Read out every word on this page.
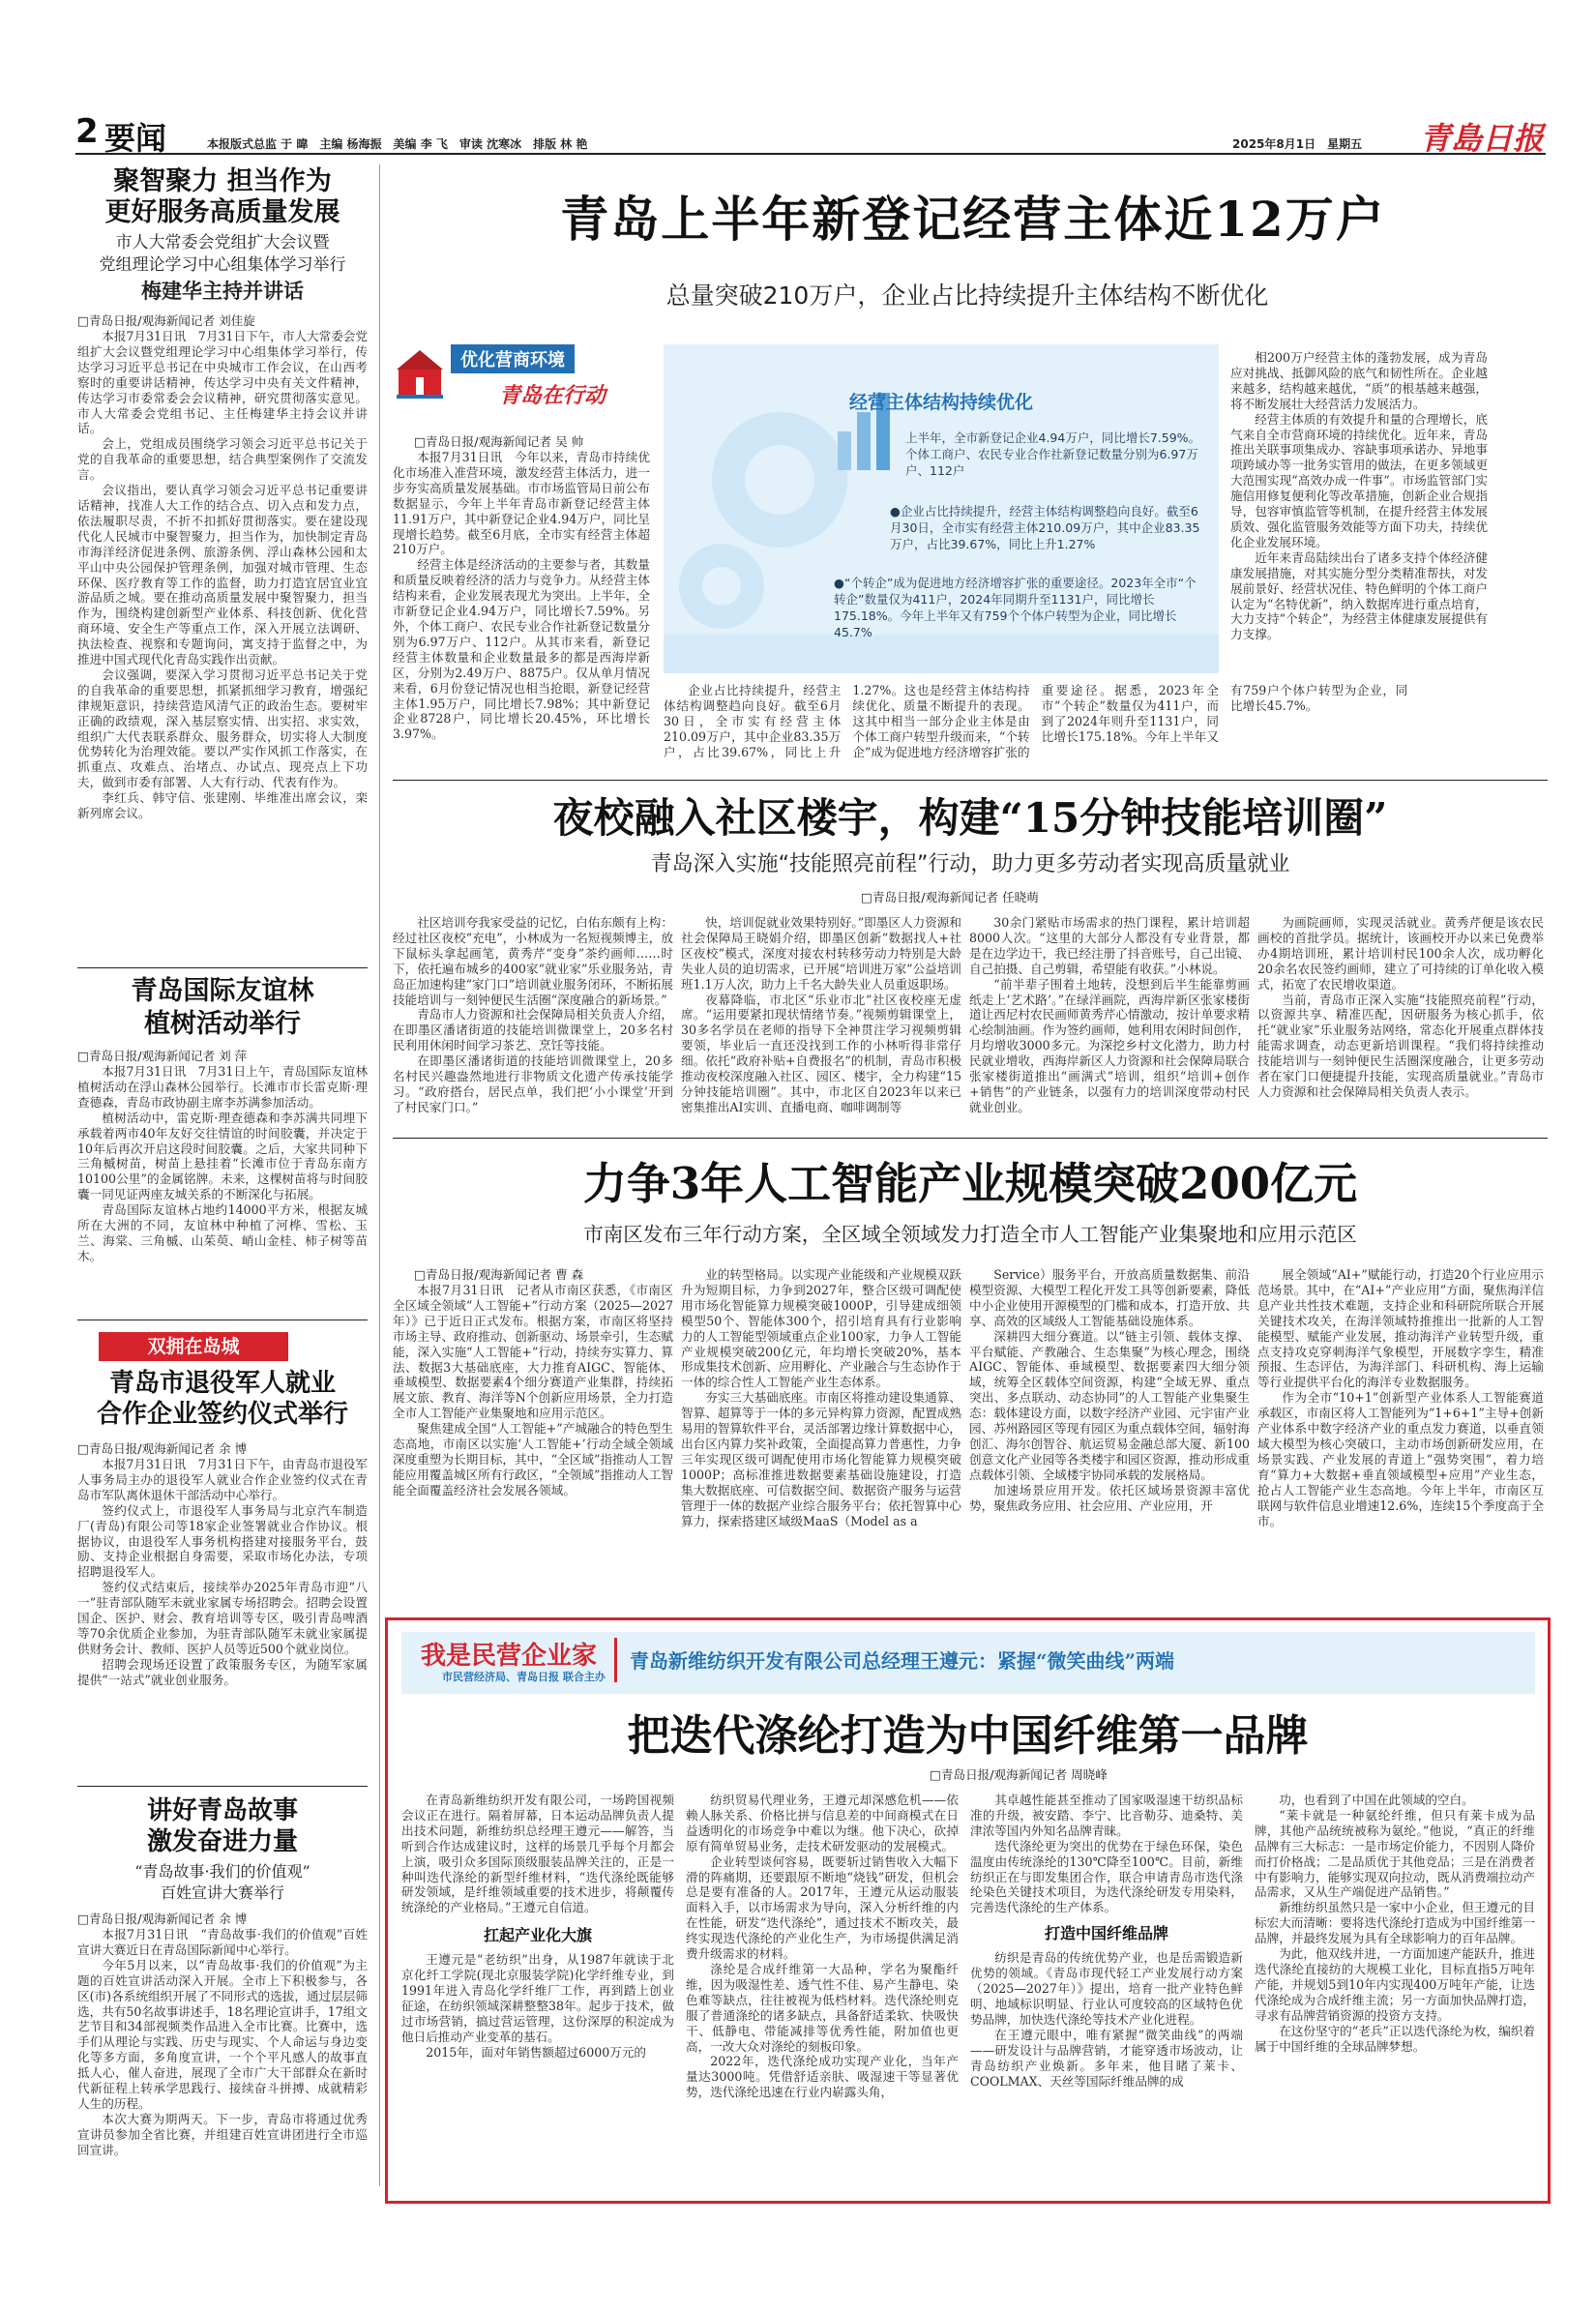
2 要闻	本报版式总监 于 暐　主编 杨海振　美编 李 飞　审读 沈寒冰　排版 林 艳	2025年8月1日　星期五 青島日报
聚智聚力 担当作为
更好服务高质量发展
市人大常委会党组扩大会议暨
党组理论学习中心组集体学习举行
梅建华主持并讲话
□青岛日报/观海新闻记者 刘佳旋

本报7月31日讯　7月31日下午，市人大常委会党组扩大会议暨党组理论学习中心组集体学习举行，传达学习习近平总书记在中央城市工作会议，在山西考察时的重要讲话精神，传达学习中央有关文件精神，传达学习市委常委会会议精神，研究贯彻落实意见。市人大常委会党组书记、主任梅建华主持会议并讲话。

会上，党组成员围绕学习领会习近平总书记关于党的自我革命的重要思想，结合典型案例作了交流发言。

会议指出，要认真学习领会习近平总书记重要讲话精神，找准人大工作的结合点、切入点和发力点，依法履职尽责，不折不扣抓好贯彻落实。要在建设现代化人民城市中聚智聚力，担当作为，加快制定青岛市海洋经济促进条例、旅游条例、浮山森林公园和太平山中央公园保护管理条例，加强对城市管理、生态环保、医疗教育等工作的监督，助力打造宜居宜业宜游品质之城。要在推动高质量发展中聚智聚力，担当作为，围绕构建创新型产业体系、科技创新、优化营商环境、安全生产等重点工作，深入开展立法调研、执法检查、视察和专题询问，寓支持于监督之中，为推进中国式现代化青岛实践作出贡献。

会议强调，要深入学习贯彻习近平总书记关于党的自我革命的重要思想，抓紧抓细学习教育，增强纪律规矩意识，持续营造风清气正的政治生态。要树牢正确的政绩观，深入基层察实情、出实招、求实效，组织广大代表联系群众、服务群众，切实将人大制度优势转化为治理效能。要以严实作风抓工作落实，在抓重点、攻难点、治堵点、办试点、现亮点上下功夫，做到市委有部署、人大有行动、代表有作为。

李红兵、韩守信、张建刚、毕维准出席会议，栾新列席会议。

青岛国际友谊林
植树活动举行
□青岛日报/观海新闻记者 刘 萍

本报7月31日讯　7月31日上午，青岛国际友谊林植树活动在浮山森林公园举行。长滩市市长雷克斯·理查德森，青岛市政协副主席李苏满参加活动。

植树活动中，雷克斯·理查德森和李苏满共同埋下承载着两市40年友好交往情谊的时间胶囊，并决定于10年后再次开启这段时间胶囊。之后，大家共同种下三角槭树苗，树苗上悬挂着“长滩市位于青岛东南方10100公里”的金属铭牌。未来，这棵树苗将与时间胶囊一同见证两座友城关系的不断深化与拓展。

青岛国际友谊林占地约14000平方米，根据友城所在大洲的不同，友谊林中种植了河桦、雪松、玉兰、海棠、三角槭、山茱萸、峭山金桂、柿子树等苗木。

双拥在岛城
青岛市退役军人就业
合作企业签约仪式举行
□青岛日报/观海新闻记者 余 博

本报7月31日讯　7月31日下午，由青岛市退役军人事务局主办的退役军人就业合作企业签约仪式在青岛市军队离休退休干部活动中心举行。

签约仪式上，市退役军人事务局与北京汽车制造厂(青岛)有限公司等18家企业签署就业合作协议。根据协议，由退役军人事务机构搭建对接服务平台，鼓励、支持企业根据自身需要，采取市场化办法，专项招聘退役军人。

签约仪式结束后，接续举办2025年青岛市迎“八一”驻青部队随军未就业家属专场招聘会。招聘会设置国企、医护、财会、教育培训等专区，吸引青岛啤酒等70余优质企业参加，为驻青部队随军未就业家属提供财务会计、教师、医护人员等近500个就业岗位。

招聘会现场还设置了政策服务专区，为随军家属提供“一站式”就业创业服务。

讲好青岛故事
激发奋进力量
“青岛故事·我们的价值观”
百姓宣讲大赛举行
□青岛日报/观海新闻记者 余 博

本报7月31日讯　“青岛故事·我们的价值观”百姓宣讲大赛近日在青岛国际新闻中心举行。

今年5月以来，以“青岛故事·我们的价值观”为主题的百姓宣讲活动深入开展。全市上下积极参与，各区(市)各系统组织开展了不同形式的选拔，通过层层筛选，共有50名故事讲述手，18名理论宣讲手，17组文艺节目和34部视频类作品进入全市比赛。比赛中，选手们从理论与实践、历史与现实、个人命运与身边变化等多方面，多角度宣讲，一个个平凡感人的故事直抵人心，催人奋进，展现了全市广大干部群众在新时代新征程上转承学思践行、接续奋斗拼搏、成就精彩人生的历程。

本次大赛为期两天。下一步，青岛市将通过优秀宣讲员参加全省比赛，并组建百姓宣讲团进行全市巡回宣讲。

青岛上半年新登记经营主体近12万户
总量突破210万户，企业占比持续提升主体结构不断优化
优化营商环境
青岛在行动
□青岛日报/观海新闻记者 吴 帅

本报7月31日讯　今年以来，青岛市持续优化市场准入准营环境，激发经营主体活力，进一步夯实高质量发展基础。市市场监管局日前公布数据显示，今年上半年青岛市新登记经营主体11.91万户，其中新登记企业4.94万户，同比呈现增长趋势。截至6月底，全市实有经营主体超210万户。

经营主体是经济活动的主要参与者，其数量和质量反映着经济的活力与竞争力。从经营主体结构来看，企业发展表现尤为突出。上半年，全市新登记企业4.94万户，同比增长7.59%。另外，个体工商户、农民专业合作社新登记数量分别为6.97万户、112户。从其市来看，新登记经营主体数量和企业数量最多的都是西海岸新区，分别为2.49万户、8875户。仅从单月情况来看，6月份登记情况也相当抢眼，新登记经营主体1.95万户，同比增长7.98%；其中新登记企业8728户，同比增长20.45%，环比增长3.97%。

经营主体结构持续优化
上半年，全市新登记企业4.94万户，同比增长7.59%。个体工商户、农民专业合作社新登记数量分别为6.97万户、112户
●企业占比持续提升，经营主体结构调整趋向良好。截至6月30日，全市实有经营主体210.09万户，其中企业83.35万户，占比39.67%，同比上升1.27%
●“个转企”成为促进地方经济增容扩张的重要途径。2023年全市“个转企”数量仅为411户，2024年同期升至1131户，同比增长175.18%。今年上半年又有759个个体户转型为企业，同比增长45.7%

企业占比持续提升，经营主体结构调整趋向良好。截至6月30日，全市实有经营主体210.09万户，其中企业83.35万户，占比39.67%，同比上升1.27%。这也是经营主体结构持续优化、质量不断提升的表现。这其中相当一部分企业主体是由个体工商户转型升级而来，“个转企”成为促进地方经济增容扩张的重要途径。据悉，2023年全市“个转企”数量仅为411户，而到了2024年则升至1131户，同比增长175.18%。今年上半年又有759户个体户转型为企业，同比增长45.7%。

相200万户经营主体的蓬勃发展，成为青岛应对挑战、抵御风险的底气和韧性所在。企业越来越多，结构越来越优，“质”的根基越来越强，将不断发展壮大经营活力发展活力。

经营主体质的有效提升和量的合理增长，底气来自全市营商环境的持续优化。近年来，青岛推出关联事项集成办、容缺事项承诺办、异地事项跨域办等一批务实管用的做法，在更多领域更大范围实现“高效办成一件事”。市场监管部门实施信用修复便利化等改革措施，创新企业合规指导，包容审慎监管等机制，在提升经营主体发展质效、强化监管服务效能等方面下功夫，持续优化企业发展环境。

近年来青岛陆续出台了诸多支持个体经济健康发展措施，对其实施分型分类精准帮扶，对发展前景好、经营状况佳、特色鲜明的个体工商户认定为“名特优新”，纳入数据库进行重点培育，大力支持“个转企”，为经营主体健康发展提供有力支撑。

夜校融入社区楼宇，构建“15分钟技能培训圈”
青岛深入实施“技能照亮前程”行动，助力更多劳动者实现高质量就业
□青岛日报/观海新闻记者 任晓萌

社区培训夸我家受益的记忆，白佑东颇有上构：经过社区夜校“充电”，小林成为一名短视频博主，放下鼠标头拿起画笔，黄秀芹“变身”茶约画师……时下，依托遍布城乡的400家“就业家”乐业服务站，青岛正加速构建“家门口”培训就业服务闭环，不断拓展技能培训与一刻钟便民生活圈“深度融合的新场景。”

青岛市人力资源和社会保障局相关负责人介绍，在即墨区潘诸街道的技能培训微课堂上，20多名村民利用休闲时间学习茶艺、烹饪等技能。

在即墨区潘诸街道的技能培训微课堂上，20多名村民兴趣盎然地进行非物质文化遗产传承技能学习。“政府搭台，居民点单，我们把‘小小课堂’开到了村民家门口。”

快，培训促就业效果特别好。”即墨区人力资源和社会保障局王晓娟介绍，即墨区创新“数据找人+社区夜校”模式，深度对接农村转移劳动力特别是大龄失业人员的迫切需求，已开展“培训进万家”公益培训班1.1万人次，助力上千名大龄失业人员重返职场。

夜幕降临，市北区“乐业市北”社区夜校座无虚席。“运用要紧扣现状情绪节奏。”视频剪辑课堂上，30多名学员在老师的指导下全神贯注学习视频剪辑要领，毕业后一直还没找到工作的小林听得非常仔细。依托“政府补贴+自费报名”的机制，青岛市积极推动夜校深度融入社区、园区、楼宇，全力构建“15分钟技能培训圈”。其中，市北区自2023年以来已密集推出AI实训、直播电商、咖啡调制等

30余门紧贴市场需求的热门课程，累计培训超8000人次。“这里的大部分人都没有专业背景，都是在边学边干，我已经注册了抖音账号，自己出镜、自己拍摄、自己剪辑，希望能有收获。”小林说。

“前半辈子围着土地转，没想到后半生能靠剪画纸走上‘艺术路’。”在绿洋画院，西海岸新区张家楼街道让西尼村农民画师黄秀芹心情激动，按计单要求精心绘制油画。作为签约画师，她利用农闲时间创作，月均增收3000多元。为深挖乡村文化潜力，助力村民就业增收，西海岸新区人力资源和社会保障局联合张家楼街道推出“画满式”培训，组织“培训+创作+销售”的产业链条，以强有力的培训深度带动村民就业创业。

为画院画师，实现灵活就业。黄秀芹便是该农民画校的首批学员。据统计，该画校开办以来已免费举办4期培训班，累计培训村民100余人次，成功孵化20余名农民签约画师，建立了可持续的订单化收入模式，拓宽了农民增收渠道。

当前，青岛市正深入实施“技能照亮前程”行动，以资源共享、精准匹配，因研服务为核心抓手，依托“就业家”乐业服务站网络，常态化开展重点群体技能需求调查，动态更新培训课程。“我们将持续推动技能培训与一刻钟便民生活圈深度融合，让更多劳动者在家门口便捷提升技能，实现高质量就业。”青岛市人力资源和社会保障局相关负责人表示。

力争3年人工智能产业规模突破200亿元
市南区发布三年行动方案，全区域全领域发力打造全市人工智能产业集聚地和应用示范区
□青岛日报/观海新闻记者 曹 森

本报7月31日讯　记者从市南区获悉，《市南区全区域全领域“人工智能+”行动方案（2025—2027年）》已于近日正式发布。根据方案，市南区将坚持市场主导、政府推动、创新驱动、场景牵引，生态赋能，深入实施“人工智能+”行动，持续夯实算力、算法、数据3大基础底座，大力推育AIGC、智能体、垂域模型、数据要素4个细分赛道产业集群，持续拓展文旅、教育、海洋等N个创新应用场景，全力打造全市人工智能产业集聚地和应用示范区。

聚焦建成全国“人工智能+”产城融合的特色型生态高地，市南区以实施‘人工智能+’行动全域全领域深度重塑为长期目标，其中，“全区域”指推动人工智能应用覆盖城区所有行政区，“全领域”指推动人工智能全面覆盖经济社会发展各领域。

业的转型格局。以实现产业能级和产业规模双跃升为短期目标，力争到2027年，整合区级可调配使用市场化智能算力规模突破1000P，引导建成细领模型50个、智能体300个，招引培育具有行业影响力的人工智能型领域重点企业100家，力争人工智能产业规模突破200亿元，年均增长突破20%，基本形成集技术创新、应用孵化、产业融合与生态协作于一体的综合性人工智能产业生态体系。

夯实三大基础底座。市南区将推动建设集通算、智算、超算等于一体的多元异构算力资源，配置成熟易用的智算软件平台，灵活部署边缘计算数据中心，出台区内算力奖补政策，全面提高算力普惠性，力争三年实现区级可调配使用市场化智能算力规模突破1000P；高标准推进数据要素基础设施建设，打造集大数据底座、可信数据空间、数据资产服务与运营管理于一体的数据产业综合服务平台；依托智算中心算力，探索搭建区域级MaaS（Model as a

Service）服务平台，开放高质量数据集、前沿模型资源、大模型工程化开发工具等创新要素，降低中小企业使用开源模型的门槛和成本，打造开放、共享、高效的区域级人工智能基础设施体系。

深耕四大细分赛道。以“链主引领、载体支撑、平台赋能、产教融合、生态集聚”为核心理念，围绕AIGC、智能体、垂域模型、数据要素四大细分领域，统筹全区载体空间资源，构建“全域无界、重点突出、多点联动、动态协同”的人工智能产业集聚生态：载体建设方面，以数字经济产业园、元宇宙产业园、苏州路园区等现有园区为重点载体空间，辐射海创汇、海尔创智谷、航运贸易金融总部大厦、新100创意文化产业园等各类楼宇和园区资源，推动形成重点载体引领、全域楼宇协同承载的发展格局。

加速场景应用开发。依托区域场景资源丰富优势，聚焦政务应用、社会应用、产业应用，开

展全领域“AI+”赋能行动，打造20个行业应用示范场景。其中，在“AI+”产业应用”方面，聚焦海洋信息产业共性技术难题，支持企业和科研院所联合开展关键技术攻关，在海洋领域特推推出一批新的人工智能模型、赋能产业发展，推动海洋产业转型升级，重点支持攻克穿刺海洋气象模型，开展数字孪生，精准预报、生态评估，为海洋部门、科研机构、海上运输等行业提供平台化的海洋专业数据服务。

作为全市“10+1”创新型产业体系人工智能赛道承载区，市南区将人工智能列为“1+6+1”主导+创新产业体系中数字经济产业的重点发力赛道，以垂直领域大模型为核心突破口，主动市场创新研发应用，在场景实践、产业发展的青道上“强势突围”，着力培育“算力+大数据+垂直领域模型+应用”产业生态，抢占人工智能产业生态高地。今年上半年，市南区互联网与软件信息业增速12.6%，连续15个季度高于全市。

我是民营企业家
市民营经济局、青岛日报 联合主办
青岛新维纺织开发有限公司总经理王遵元：紧握“微笑曲线”两端
把迭代涤纶打造为中国纤维第一品牌
□青岛日报/观海新闻记者 周晓峰

在青岛新维纺织开发有限公司，一场跨国视频会议正在进行。隔着屏幕，日本运动品牌负责人提出技术问题，新维纺织总经理王遵元——解答，当听到合作达成建议时，这样的场景几乎每个月都会上演，吸引众多国际顶级服装品牌关注的，正是一种叫迭代涤纶的新型纤维材料，“迭代涤纶既能够研发领域，是纤维领域重要的技术进步，将颠覆传统涤纶的产业格局。”王遵元自信道。

扛起产业化大旗

王遵元是“老纺织”出身，从1987年就读于北京化纤工学院(现北京服装学院)化学纤维专业，到1991年进入青岛化学纤维厂工作，再到踏上创业征途，在纺织领域深耕整整38年。起步于技术，做过市场营销，搞过营运管理，这份深厚的积淀成为他日后推动产业变革的基石。

2015年，面对年销售额超过6000万元的

纺织贸易代理业务，王遵元却深感危机——依赖人脉关系、价格比拼与信息差的中间商模式在日益透明化的市场竞争中难以为继。他下决心，砍掉原有简单贸易业务，走技术研发驱动的发展模式。

企业转型谈何容易，既要斩过销售收入大幅下滑的阵痛期，还要跟原不断地“烧钱”研发，但机会总是要有准备的人。2017年，王遵元从运动服装面料入手，以市场需求为导向，深入分析纤维的内在性能，研发“迭代涤纶”，通过技术不断攻关，最终实现迭代涤纶的产业化生产，为市场提供满足消费升级需求的材料。

涤纶是合成纤维第一大品种，学名为聚酯纤维，因为吸湿性差、透气性不佳、易产生静电、染色难等缺点，往往被视为低档材料。迭代涤纶则克服了普通涤纶的诸多缺点，具备舒适柔软、快吸快干、低静电、带能减排等优秀性能，附加值也更高，一改大众对涤纶的刻板印象。

2022年，迭代涤纶成功实现产业化，当年产量达3000吨。凭借舒适亲肤、吸湿速干等显著优势，迭代涤纶迅速在行业内崭露头角，

其卓越性能甚至推动了国家吸湿速干纺织品标准的升级，被安踏、李宁、比音勒芬、迪桑特、美津浓等国内外知名品牌青睐。

迭代涤纶更为突出的优势在于绿色环保，染色温度由传统涤纶的130℃降至100℃。目前，新维纺织正在与即发集团合作，联合申请青岛市迭代涤纶染色关键技术项目，为迭代涤纶研发专用染料，完善迭代涤纶的生产体系。

打造中国纤维品牌

纺织是青岛的传统优势产业，也是岳需锻造新优势的领域。《青岛市现代轻工产业发展行动方案（2025—2027年）》提出，培育一批产业特色鲜明、地域标识明显、行业认可度较高的区域特色优势品牌，加快迭代涤纶等技术产业化进程。

在王遵元眼中，唯有紧握“微笑曲线”的两端——研发设计与品牌营销，才能穿透市场波动，让青岛纺织产业焕新。多年来，他目睹了莱卡、COOLMAX、天丝等国际纤维品牌的成

功，也看到了中国在此领域的空白。

“莱卡就是一种氨纶纤维，但只有莱卡成为品牌，其他产品统统被称为氨纶。”他说，“真正的纤维品牌有三大标志：一是市场定价能力，不因别人降价而打价格战；二是品质优于其他竞品；三是在消费者中有影响力，能够实现双向拉动，既从消费端拉动产品需求，又从生产端促进产品销售。”

新维纺织虽然只是一家中小企业，但王遵元的目标宏大而清晰：要将迭代涤纶打造成为中国纤维第一品牌，并最终发展为具有全球影响力的百年品牌。

为此，他双线并进，一方面加速产能跃升，推进迭代涤纶直接纺的大规模工业化，目标直指5万吨年产能，并规划5到10年内实现400万吨年产能，让迭代涤纶成为合成纤维主流；另一方面加快品牌打造，寻求有品牌营销资源的投资方支持。

在这份坚守的“老兵”正以迭代涤纶为枚，编织着属于中国纤维的全球品牌梦想。
